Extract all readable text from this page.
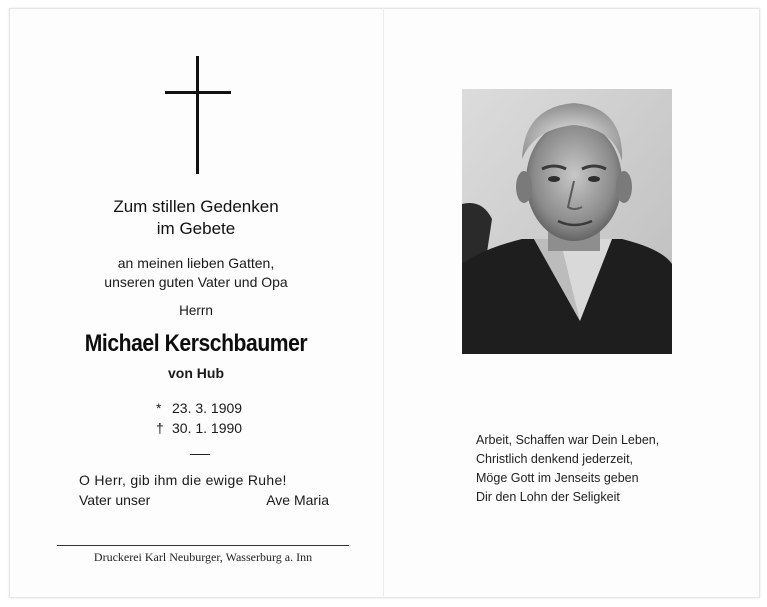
Zum stillen Gedenken
im Gebete
an meinen lieben Gatten,
unseren guten Vater und Opa
Herrn
Michael Kerschbaumer
von Hub
* 23. 3. 1909
† 30. 1. 1990
O Herr, gib ihm die ewige Ruhe!
Vater unser	Ave Maria
Druckerei Karl Neuburger, Wasserburg a. Inn
Arbeit, Schaffen war Dein Leben,
Christlich denkend jederzeit,
Möge Gott im Jenseits geben
Dir den Lohn der Seligkeit
